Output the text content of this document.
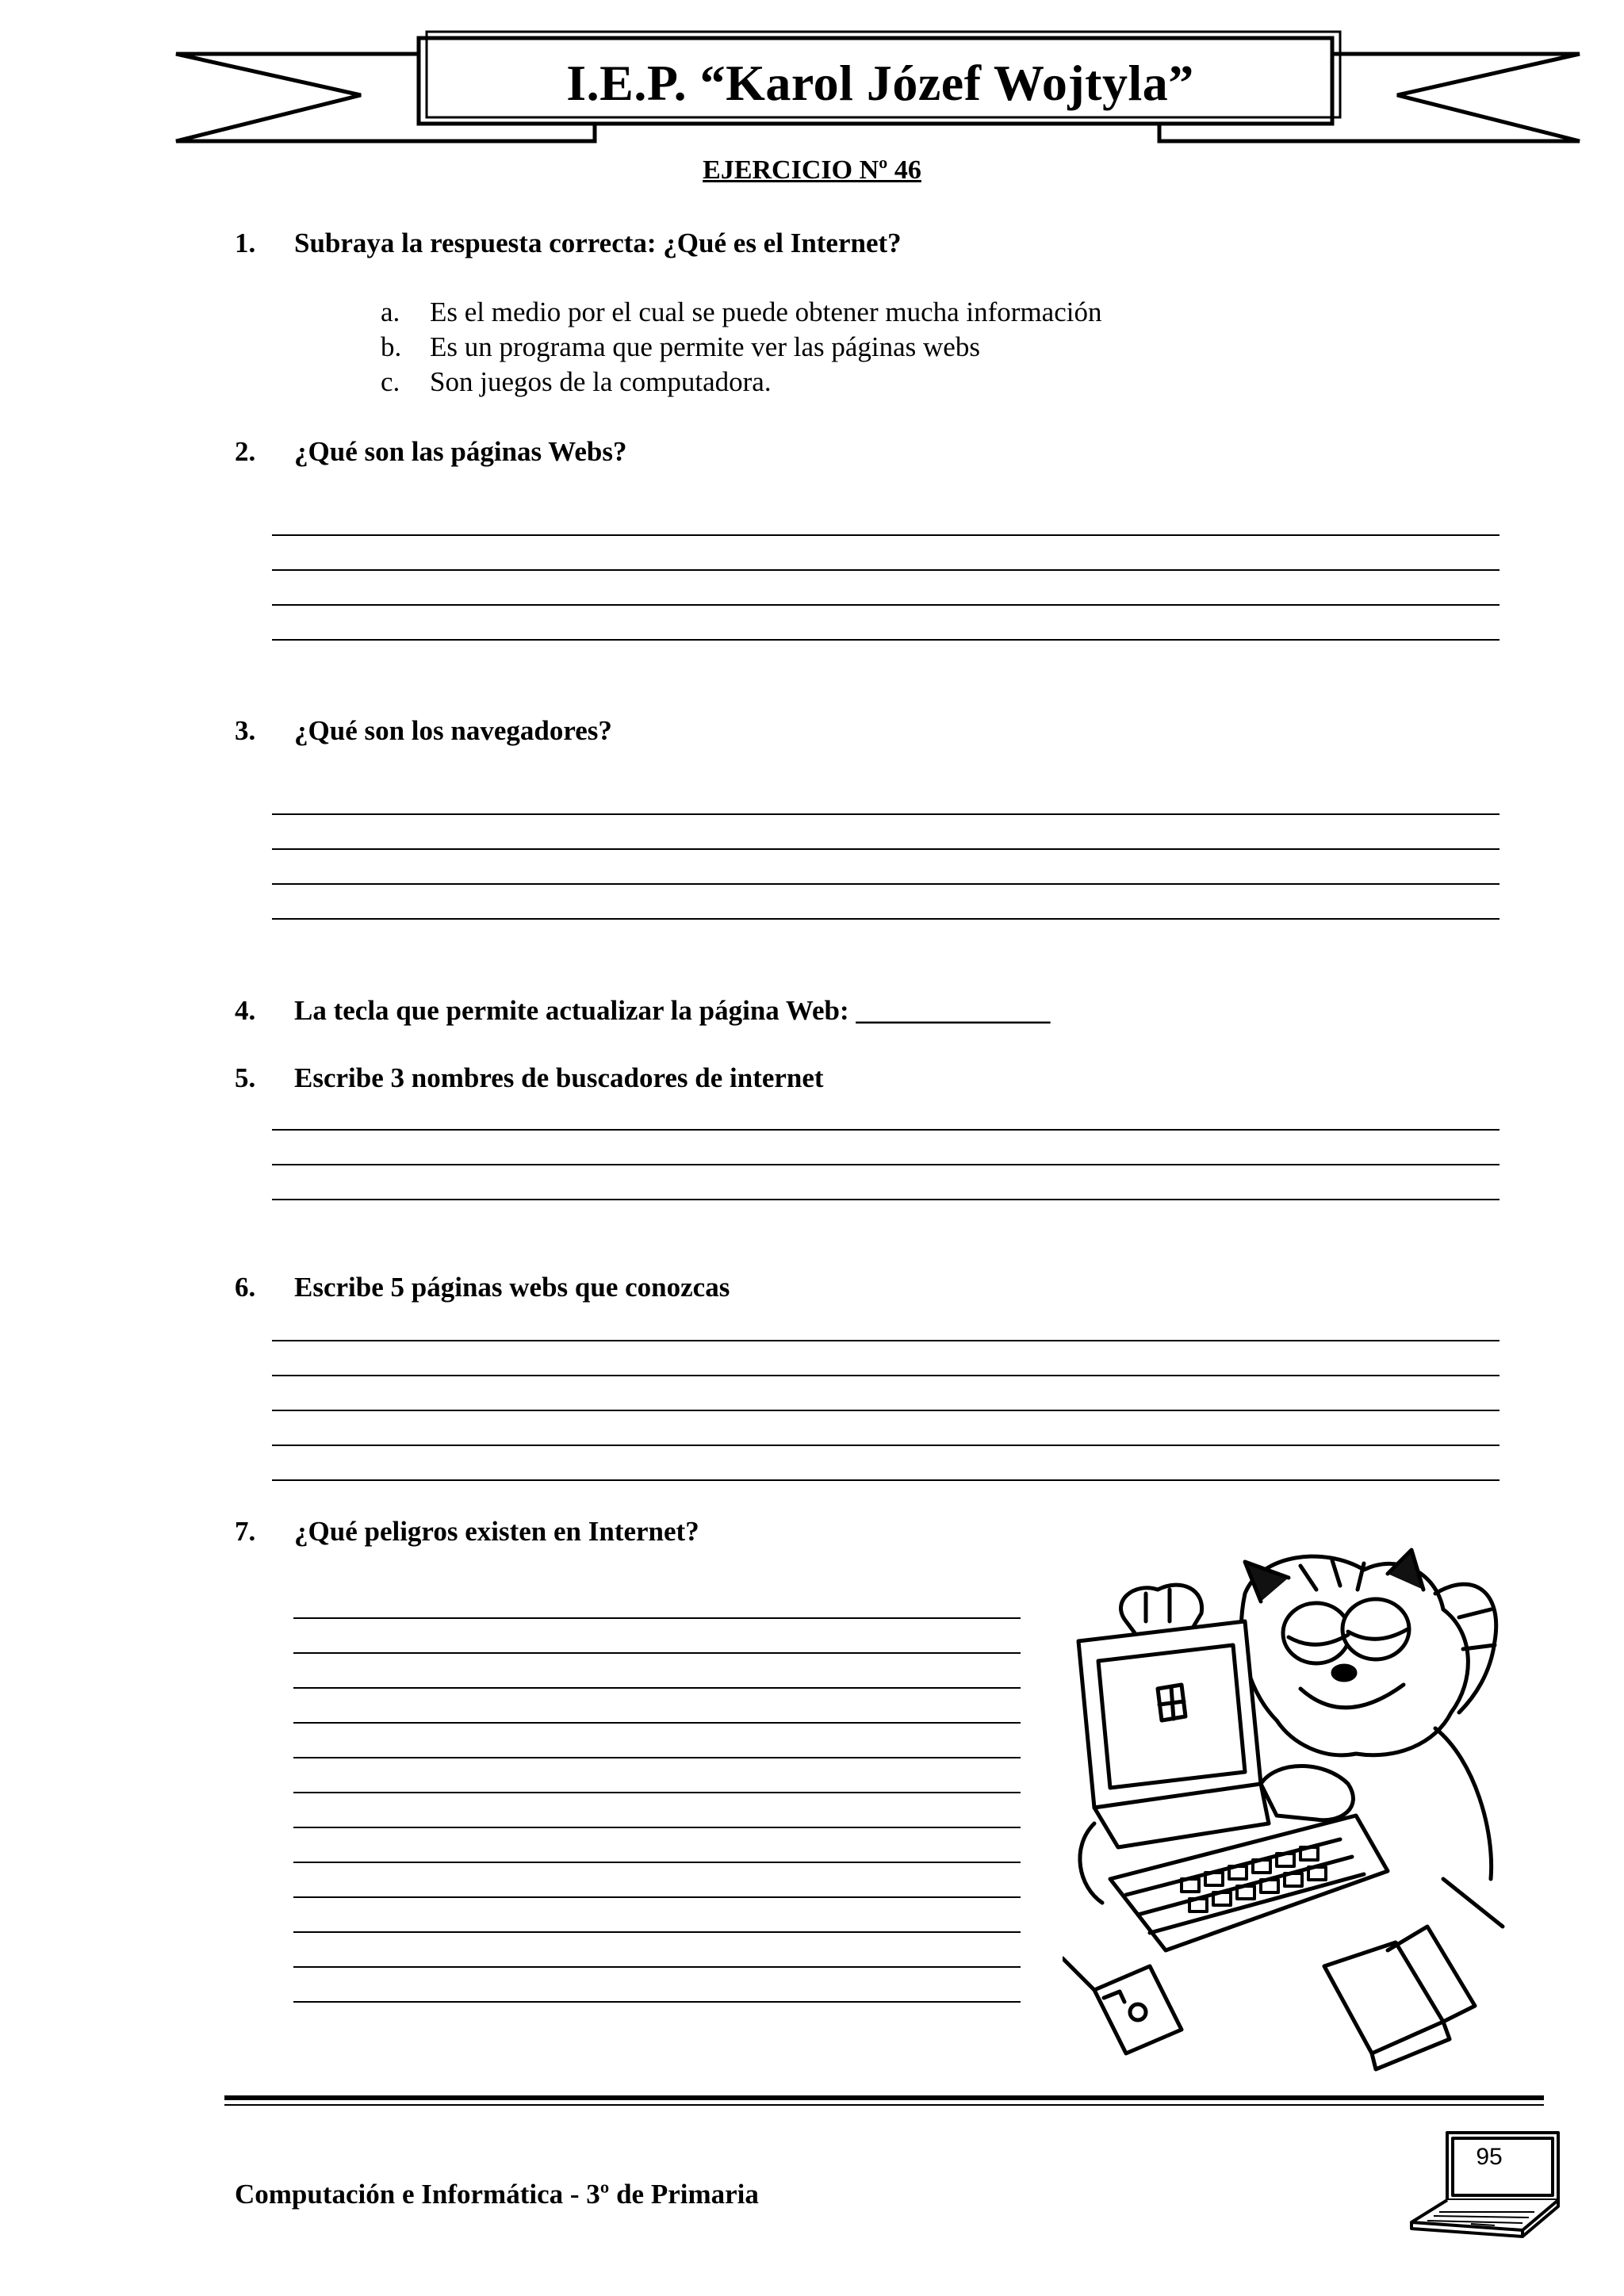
I.E.P. “Karol Józef Wojtyla”
EJERCICIO Nº 46
1. Subraya la respuesta correcta: ¿Qué es el Internet?
a. Es el medio por el cual se puede obtener mucha información
b. Es un programa que permite ver las páginas webs
c. Son juegos de la computadora.
2. ¿Qué son las páginas Webs?
3. ¿Qué son los navegadores?
4. La tecla que permite actualizar la página Web: ______________
5. Escribe 3 nombres de buscadores de internet
6. Escribe 5 páginas webs que conozcas
7. ¿Qué peligros existen en Internet?
Computación e Informática - 3º de Primaria
95
